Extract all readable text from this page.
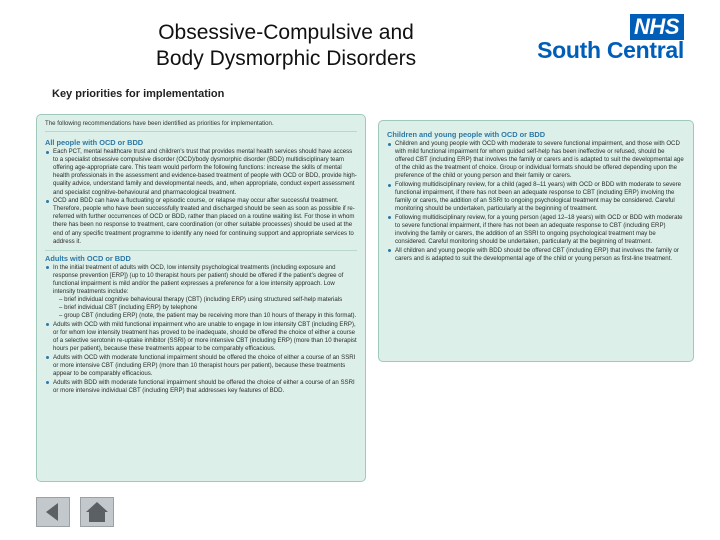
Obsessive-Compulsive and
Body Dysmorphic Disorders
NHS
South Central
Key priorities for implementation
The following recommendations have been identified as priorities for implementation.
All people with OCD or BDD
Each PCT, mental healthcare trust and children's trust that provides mental health services should have access to a specialist obsessive compulsive disorder (OCD)/body dysmorphic disorder (BDD) multidisciplinary team offering age-appropriate care. This team would perform the following functions: increase the skills of mental health professionals in the assessment and evidence-based treatment of people with OCD or BDD, provide high-quality advice, understand family and developmental needs, and, when appropriate, conduct expert assessment and specialist cognitive-behavioural and pharmacological treatment.
OCD and BDD can have a fluctuating or episodic course, or relapse may occur after successful treatment. Therefore, people who have been successfully treated and discharged should be seen as soon as possible if re-referred with further occurrences of OCD or BDD, rather than placed on a routine waiting list. For those in whom there has been no response to treatment, care coordination (or other suitable processes) should be used at the end of any specific treatment programme to identify any need for continuing support and appropriate services to address it.
Adults with OCD or BDD
In the initial treatment of adults with OCD, low intensity psychological treatments (including exposure and response prevention [ERP]) (up to 10 therapist hours per patient) should be offered if the patient's degree of functional impairment is mild and/or the patient expresses a preference for a low intensity approach. Low intensity treatments include:
– brief individual cognitive behavioural therapy (CBT) (including ERP) using structured self-help materials
– brief individual CBT (including ERP) by telephone
– group CBT (including ERP) (note, the patient may be receiving more than 10 hours of therapy in this format).
Adults with OCD with mild functional impairment who are unable to engage in low intensity CBT (including ERP), or for whom low intensity treatment has proved to be inadequate, should be offered the choice of either a course of a selective serotonin re-uptake inhibitor (SSRI) or more intensive CBT (including ERP) (more than 10 therapist hours per patient), because these treatments appear to be comparably efficacious.
Adults with OCD with moderate functional impairment should be offered the choice of either a course of an SSRI or more intensive CBT (including ERP) (more than 10 therapist hours per patient), because these treatments appear to be comparably efficacious.
Adults with BDD with moderate functional impairment should be offered the choice of either a course of an SSRI or more intensive individual CBT (including ERP) that addresses key features of BDD.
Children and young people with OCD or BDD
Children and young people with OCD with moderate to severe functional impairment, and those with OCD with mild functional impairment for whom guided self-help has been ineffective or refused, should be offered CBT (including ERP) that involves the family or carers and is adapted to suit the developmental age of the child as the treatment of choice. Group or individual formats should be offered depending upon the preference of the child or young person and their family or carers.
Following multidisciplinary review, for a child (aged 8–11 years) with OCD or BDD with moderate to severe functional impairment, if there has not been an adequate response to CBT (including ERP) involving the family or carers, the addition of an SSRI to ongoing psychological treatment may be considered. Careful monitoring should be undertaken, particularly at the beginning of treatment.
Following multidisciplinary review, for a young person (aged 12–18 years) with OCD or BDD with moderate to severe functional impairment, if there has not been an adequate response to CBT (including ERP) involving the family or carers, the addition of an SSRI to ongoing psychological treatment may be considered. Careful monitoring should be undertaken, particularly at the beginning of treatment.
All children and young people with BDD should be offered CBT (including ERP) that involves the family or carers and is adapted to suit the developmental age of the child or young person as first-line treatment.
